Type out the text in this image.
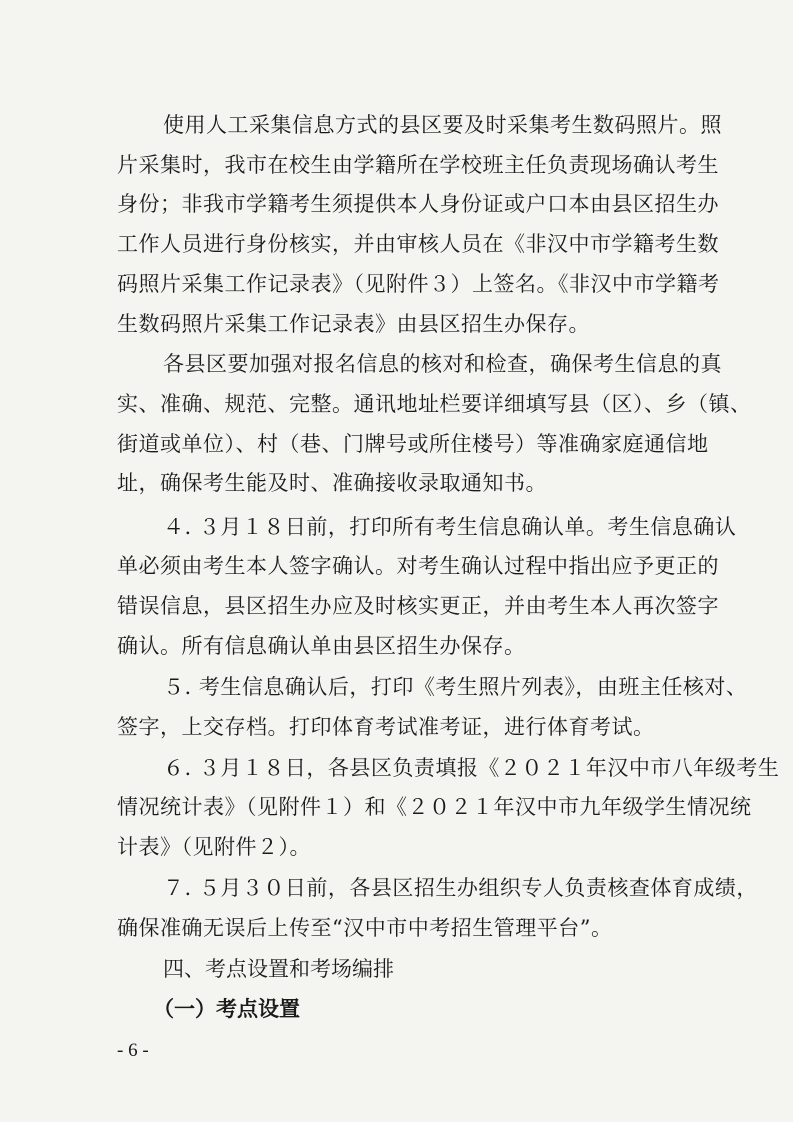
使用人工采集信息方式的县区要及时采集考生数码照片。照
片采集时，我市在校生由学籍所在学校班主任负责现场确认考生
身份；非我市学籍考生须提供本人身份证或户口本由县区招生办
工作人员进行身份核实，并由审核人员在《非汉中市学籍考生数
码照片采集工作记录表》（见附件３）上签名。《非汉中市学籍考
生数码照片采集工作记录表》由县区招生办保存。
各县区要加强对报名信息的核对和检查，确保考生信息的真
实、准确、规范、完整。通讯地址栏要详细填写县（区）、乡（镇、
街道或单位）、村（巷、门牌号或所住楼号）等准确家庭通信地
址，确保考生能及时、准确接收录取通知书。
４. ３月１８日前，打印所有考生信息确认单。考生信息确认
单必须由考生本人签字确认。对考生确认过程中指出应予更正的
错误信息，县区招生办应及时核实更正，并由考生本人再次签字
确认。所有信息确认单由县区招生办保存。
５. 考生信息确认后，打印《考生照片列表》，由班主任核对、
签字，上交存档。打印体育考试准考证，进行体育考试。
６. ３月１８日，各县区负责填报《２０２１年汉中市八年级考生
情况统计表》（见附件１）和《２０２１年汉中市九年级学生情况统
计表》（见附件２）。
７. ５月３０日前，各县区招生办组织专人负责核查体育成绩，
确保准确无误后上传至“汉中市中考招生管理平台”。
四、考点设置和考场编排
（一）考点设置
- 6 -
